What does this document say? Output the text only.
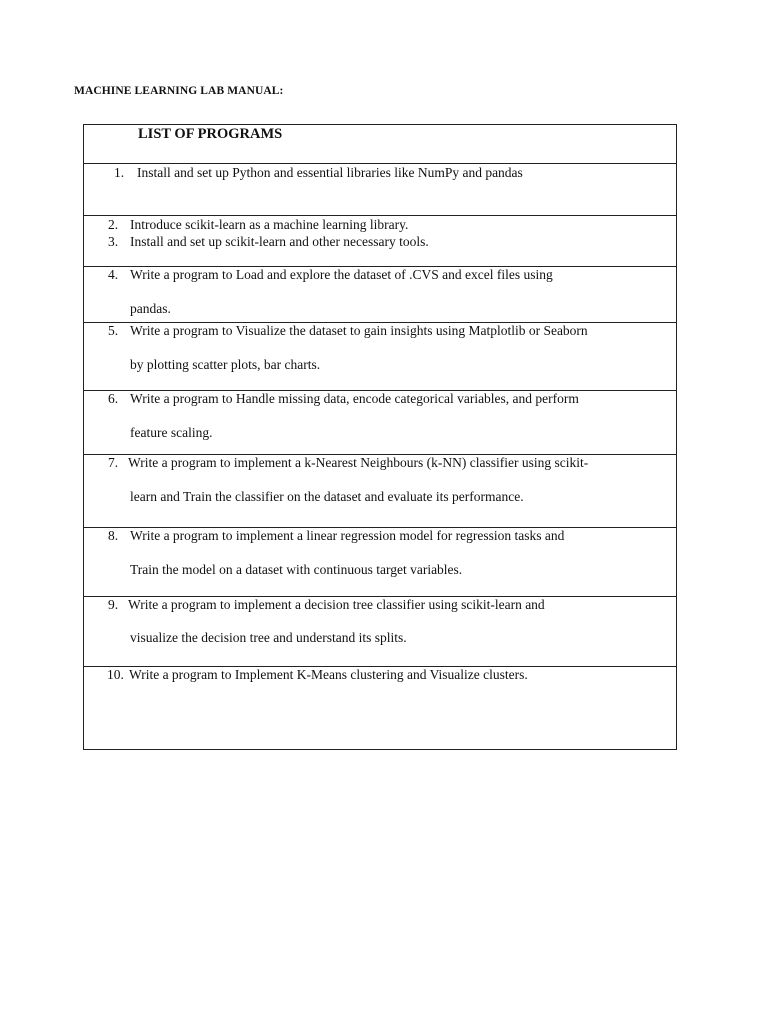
MACHINE LEARNING LAB MANUAL:
LIST OF PROGRAMS
1. Install and set up Python and essential libraries like NumPy and pandas
2. Introduce scikit-learn as a machine learning library.
3. Install and set up scikit-learn and other necessary tools.
4. Write a program to Load and explore the dataset of .CVS and excel files using
pandas.
5. Write a program to Visualize the dataset to gain insights using Matplotlib or Seaborn
by plotting scatter plots, bar charts.
6. Write a program to Handle missing data, encode categorical variables, and perform
feature scaling.
7. Write a program to implement a k-Nearest Neighbours (k-NN) classifier using scikit-
learn and Train the classifier on the dataset and evaluate its performance.
8. Write a program to implement a linear regression model for regression tasks and
Train the model on a dataset with continuous target variables.
9. Write a program to implement a decision tree classifier using scikit-learn and
visualize the decision tree and understand its splits.
10. Write a program to Implement K-Means clustering and Visualize clusters.
